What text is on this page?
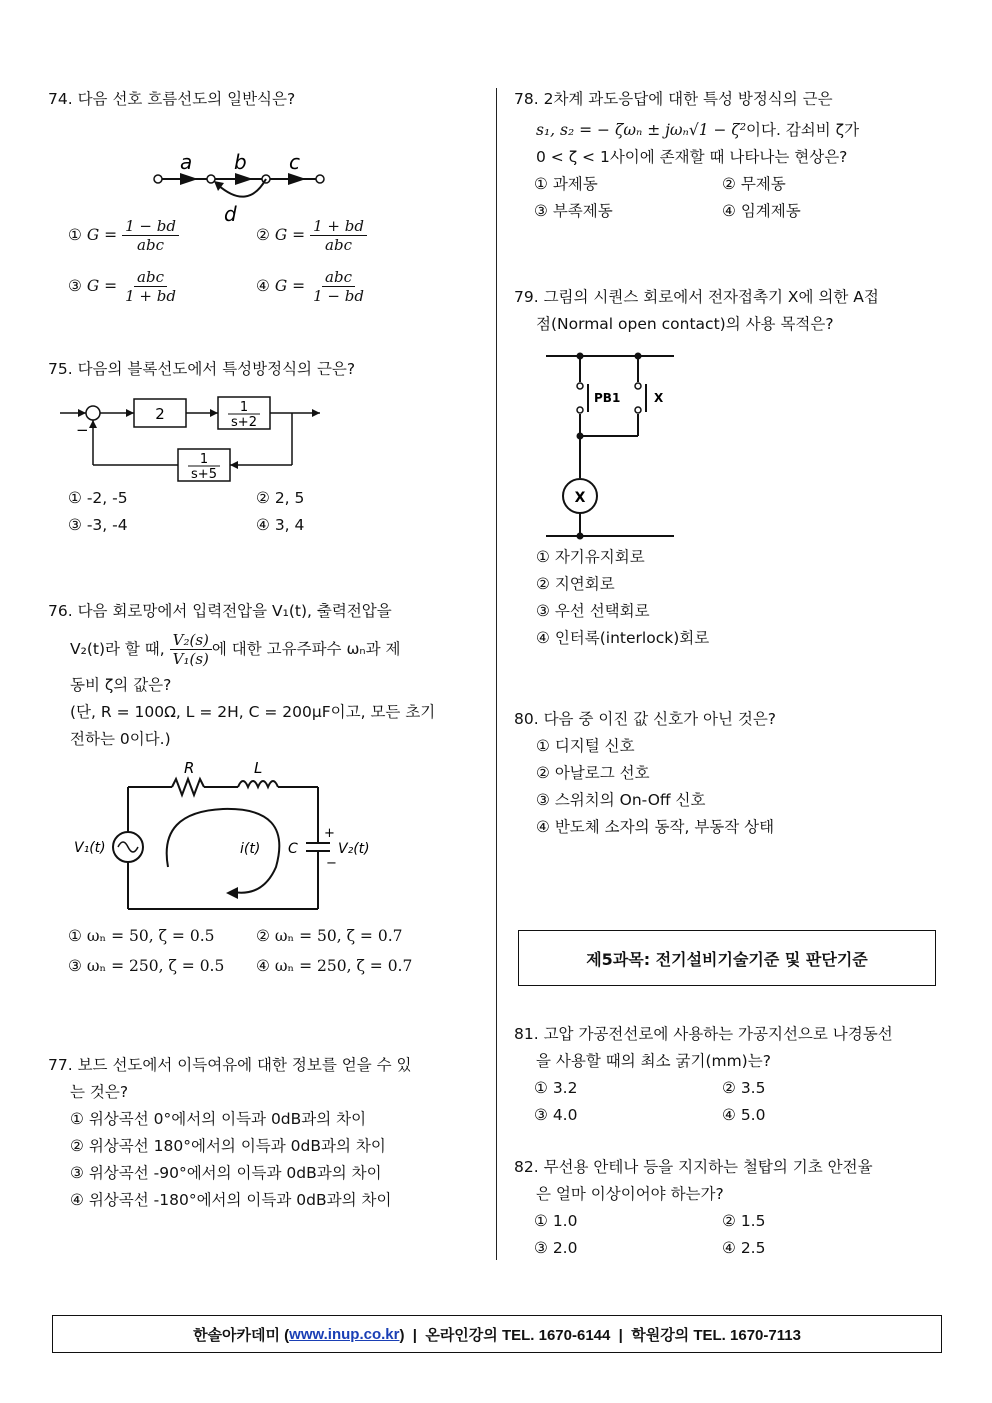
74. 다음 선호 흐름선도의 일반식은?
a b c
d
① $G = \frac{1 - bd}{\text{abc}}$	② $G = \frac{1 + bd}{\text{abc}}$
③ $G = \frac{\text{abc}}{1 + bd}$	④ $G = \frac{\text{abc}}{1 - bd}$
75. 다음의 블록선도에서 특성방정식의 근은?
−
2	1
s+2
1
s+5
① -2, -5	② 2, 5
③ -3, -4	④ 3, 4
76. 다음 회로망에서 입력전압을 V₁(t), 출력전압을
V₂(t)라 할 때, $\frac{\text{V₂(s)}}{\text{V₁(s)}}$ 에 대한 고유주파수 ωₙ과 제
동비 ζ의 값은?
(단, R = 100Ω, L = 2H, C = 200μF이고, 모든 초기
전하는 0이다.)
R	L
V₁(t)
+
−
C	V₂(t)
i(t)
① ωₙ = 50, ζ = 0.5	② ωₙ = 50, ζ = 0.7
③ ωₙ = 250, ζ = 0.5	④ ωₙ = 250, ζ = 0.7
77. 보드 선도에서 이득여유에 대한 정보를 얻을 수 있
는 것은?
① 위상곡선 0°에서의 이득과 0dB과의 차이
② 위상곡선 180°에서의 이득과 0dB과의 차이
③ 위상곡선 -90°에서의 이득과 0dB과의 차이
④ 위상곡선 -180°에서의 이득과 0dB과의 차이
78. 2차계 과도응답에 대한 특성 방정식의 근은
s₁, s₂ = − ζωₙ ± jωₙ√1 − ζ²이다. 감쇠비 ζ가
0 < ζ < 1사이에 존재할 때 나타나는 현상은?
① 과제동	② 무제동
③ 부족제동	④ 임계제동
79. 그림의 시퀀스 회로에서 전자접촉기 X에 의한 A접
점(Normal open contact)의 사용 목적은?
PB1	X
X
① 자기유지회로
② 지연회로
③ 우선 선택회로
④ 인터록(interlock)회로
80. 다음 중 이진 값 신호가 아닌 것은?
① 디지털 신호
② 아날로그 선호
③ 스위치의 On-Off 신호
④ 반도체 소자의 동작, 부동작 상태
제5과목: 전기설비기술기준 및 판단기준
81. 고압 가공전선로에 사용하는 가공지선으로 나경동선
을 사용할 때의 최소 굵기(mm)는?
① 3.2	② 3.5
③ 4.0	④ 5.0
82. 무선용 안테나 등을 지지하는 철탑의 기초 안전율
은 얼마 이상이어야 하는가?
① 1.0	② 1.5
③ 2.0	④ 2.5
한솔아카데미 ( www.inup.co.kr )  |  온라인강의 TEL. 1670-6144  |  학원강의 TEL. 1670-7113
